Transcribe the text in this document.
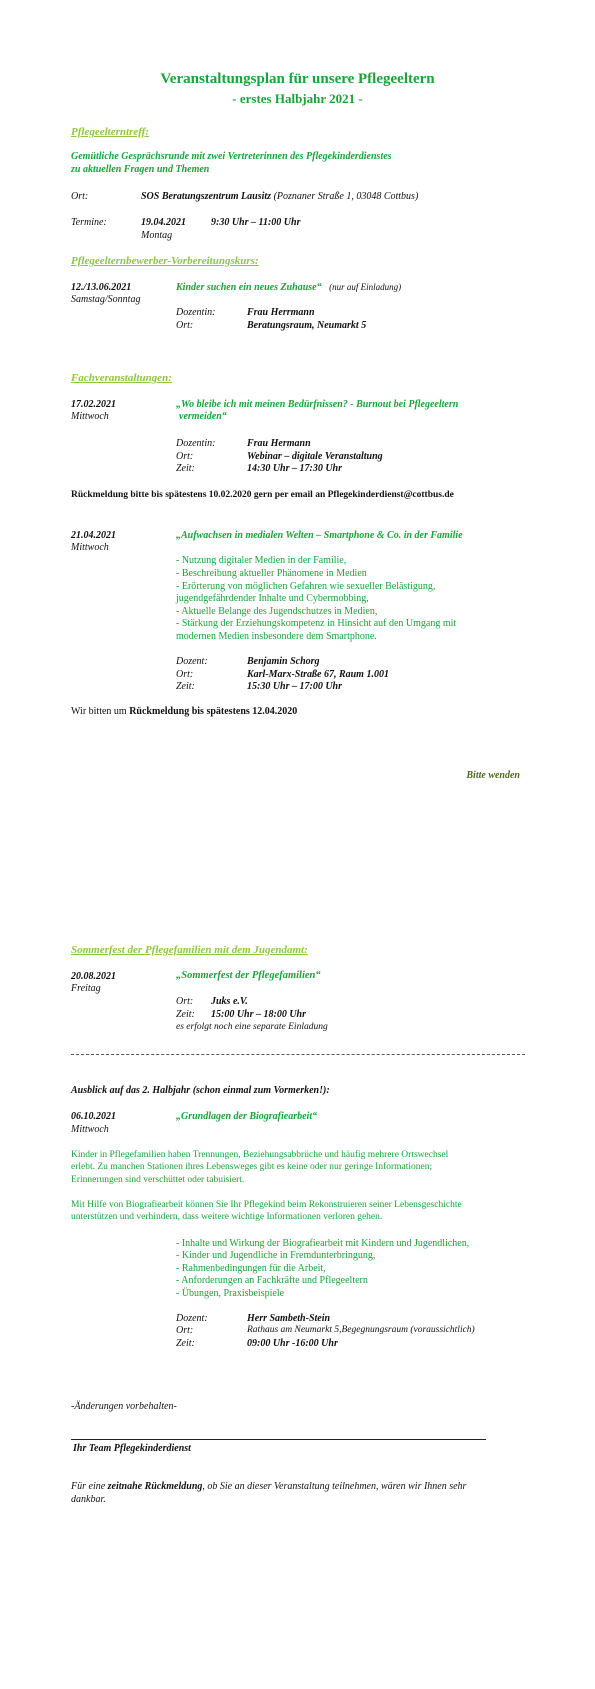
Veranstaltungsplan für unsere Pflegeeltern
- erstes Halbjahr 2021 -
Pflegeelterntreff:
Gemütliche Gesprächsrunde mit zwei Vertreterinnen des Pflegekinderdienstes
zu aktuellen Fragen und Themen
Ort:	SOS Beratungszentrum Lausitz (Poznaner Straße 1, 03048 Cottbus)
Termine:	19.04.2021	9:30 Uhr – 11:00 Uhr
Montag
Pflegeelternbewerber-Vorbereitungskurs:
12./13.06.2021
Samstag/Sonntag
Kinder suchen ein neues Zuhause“ (nur auf Einladung)
Dozentin:	Frau Herrmann
Ort:	Beratungsraum, Neumarkt 5
Fachveranstaltungen:
17.02.2021
Mittwoch
„Wo bleibe ich mit meinen Bedürfnissen? - Burnout bei Pflegeeltern
vermeiden“
Dozentin:	Frau Hermann
Ort:	Webinar – digitale Veranstaltung
Zeit:	14:30 Uhr – 17:30 Uhr
Rückmeldung bitte bis spätestens 10.02.2020 gern per email an Pflegekinderdienst@cottbus.de
21.04.2021
Mittwoch
„Aufwachsen in medialen Welten – Smartphone & Co. in der Familie
- Nutzung digitaler Medien in der Familie,
- Beschreibung aktueller Phänomene in Medien
- Erörterung von möglichen Gefahren wie sexueller Belästigung,
jugendgefährdender Inhalte und Cybermobbing,
- Aktuelle Belange des Jugendschutzes in Medien,
- Stärkung der Erziehungskompetenz in Hinsicht auf den Umgang mit
modernen Medien insbesondere dem Smartphone.
Dozent:	Benjamin Schorg
Ort:	Karl-Marx-Straße 67, Raum 1.001
Zeit:	15:30 Uhr – 17:00 Uhr
Wir bitten um Rückmeldung bis spätestens 12.04.2020
Bitte wenden
Sommerfest der Pflegefamilien mit dem Jugendamt:
20.08.2021
Freitag
„Sommerfest der Pflegefamilien“
Ort: Juks e.V.
Zeit: 15:00 Uhr – 18:00 Uhr
es erfolgt noch eine separate Einladung
Ausblick auf das 2. Halbjahr (schon einmal zum Vormerken!):
06.10.2021
Mittwoch
„Grundlagen der Biografiearbeit“
Kinder in Pflegefamilien haben Trennungen, Beziehungsabbrüche und häufig mehrere Ortswechsel
erlebt. Zu manchen Stationen ihres Lebensweges gibt es keine oder nur geringe Informationen;
Erinnerungen sind verschüttet oder tabuisiert.
Mit Hilfe von Biografiearbeit können Sie Ihr Pflegekind beim Rekonstruieren seiner Lebensgeschichte
unterstützen und verhindern, dass weitere wichtige Informationen verloren gehen.
- Inhalte und Wirkung der Biografiearbeit mit Kindern und Jugendlichen,
- Kinder und Jugendliche in Fremdunterbringung,
- Rahmenbedingungen für die Arbeit,
- Anforderungen an Fachkräfte und Pflegeeltern
- Übungen, Praxisbeispiele
Dozent:	Herr Sambeth-Stein
Ort:	Rathaus am Neumarkt 5,Begegnungsraum (voraussichtlich)
Zeit:	09:00 Uhr -16:00 Uhr
-Änderungen vorbehalten-
Ihr Team Pflegekinderdienst
Für eine zeitnahe Rückmeldung, ob Sie an dieser Veranstaltung teilnehmen, wären wir Ihnen sehr
dankbar.
